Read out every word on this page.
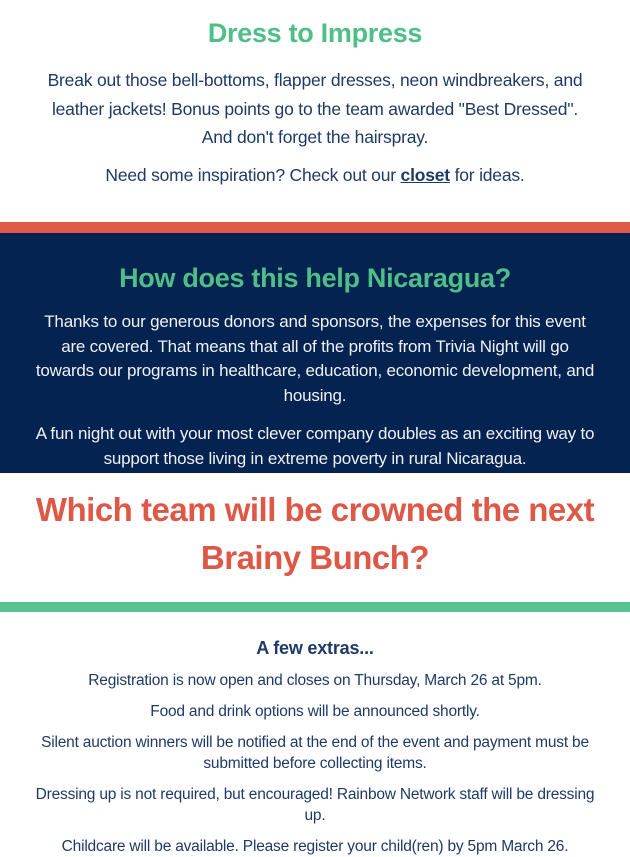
Dress to Impress

Break out those bell-bottoms, flapper dresses, neon windbreakers, and leather jackets! Bonus points go to the team awarded "Best Dressed". And don't forget the hairspray.

Need some inspiration? Check out our closet for ideas.

How does this help Nicaragua?

Thanks to our generous donors and sponsors, the expenses for this event are covered. That means that all of the profits from Trivia Night will go towards our programs in healthcare, education, economic development, and housing.

A fun night out with your most clever company doubles as an exciting way to support those living in extreme poverty in rural Nicaragua.

Which team will be crowned the next
Brainy Bunch?
A few extras...

Registration is now open and closes on Thursday, March 26 at 5pm.

Food and drink options will be announced shortly.

Silent auction winners will be notified at the end of the event and payment must be submitted before collecting items.

Dressing up is not required, but encouraged! Rainbow Network staff will be dressing up.

Childcare will be available. Please register your child(ren) by 5pm March 26.
